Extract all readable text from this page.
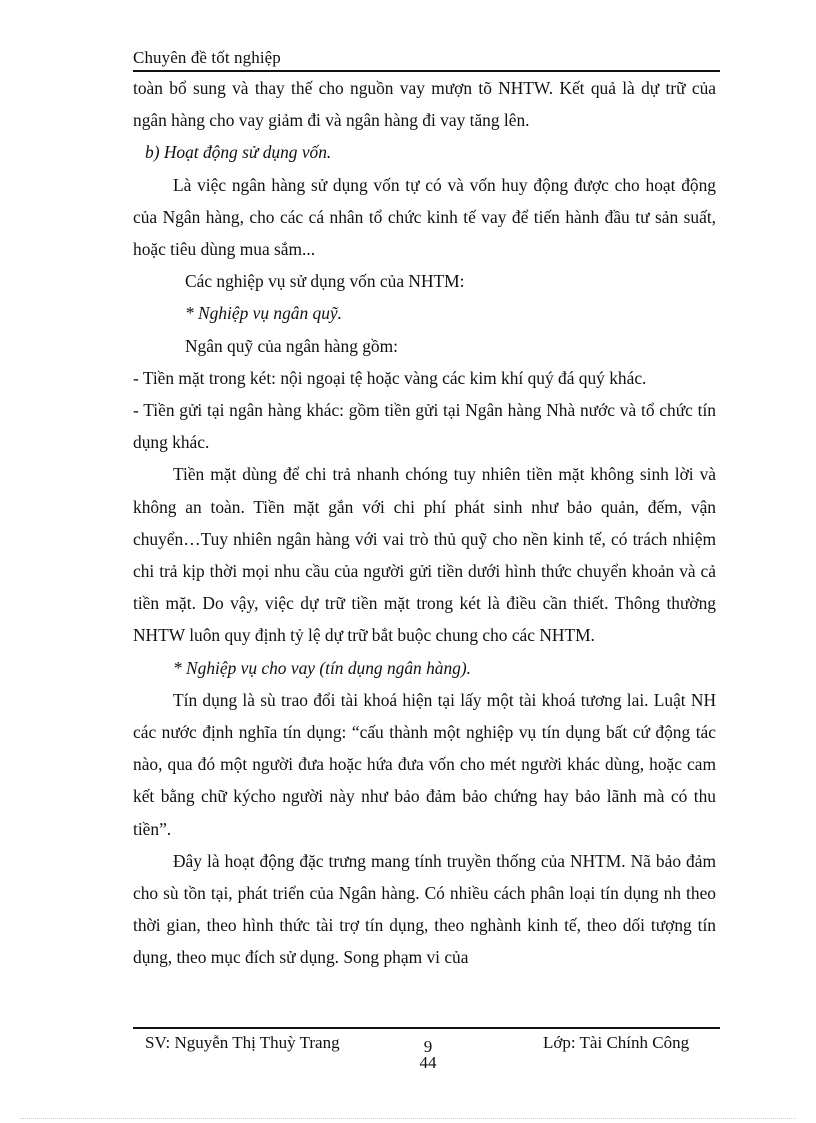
Chuyên đề tốt nghiệp

toàn bổ sung và thay thế cho nguồn vay mượn tõ NHTW. Kết quả là dự trữ của ngân hàng cho vay giảm đi và ngân hàng đi vay tăng lên.

b) Hoạt động sử dụng vốn.

Là việc ngân hàng sử dụng vốn tự có và vốn huy động được cho hoạt động của Ngân hàng, cho các cá nhân tổ chức kinh tế vay để tiến hành đầu tư sản suất, hoặc tiêu dùng mua sắm...

Các nghiệp vụ sử dụng vốn của NHTM:

* Nghiệp vụ ngân quỹ.

Ngân quỹ của ngân hàng gồm:

- Tiền mặt trong két: nội ngoại tệ hoặc vàng các kim khí quý đá quý khác.

- Tiền gửi tại ngân hàng khác: gồm tiền gửi tại Ngân hàng Nhà nước và tổ chức tín dụng khác.

Tiền mặt dùng để chi trả nhanh chóng tuy nhiên tiền mặt không sinh lời và không an toàn. Tiền mặt gắn với chi phí phát sinh như bảo quản, đếm, vận chuyển…Tuy nhiên ngân hàng với vai trò thủ quỹ cho nền kinh tế, có trách nhiệm chi trả kịp thời mọi nhu cầu của người gửi tiền dưới hình thức chuyển khoản và cả tiền mặt. Do vậy, việc dự trữ tiền mặt trong két là điều cần thiết. Thông thường NHTW luôn quy định tỷ lệ dự trữ bắt buộc chung cho các NHTM.

* Nghiệp vụ cho vay (tín dụng ngân hàng).

Tín dụng là sù trao đổi tài khoá hiện tại lấy một tài khoá tương lai. Luật NH các nước định nghĩa tín dụng: “cấu thành một nghiệp vụ tín dụng bất cứ động tác nào, qua đó một người đưa hoặc hứa đưa vốn cho mét người khác dùng, hoặc cam kết bằng chữ kýcho người này như bảo đảm bảo chứng hay bảo lãnh mà có thu tiền”.

Đây là hoạt động đặc trưng mang tính truyền thống của NHTM. Nã bảo đảm cho sù tồn tại, phát triển của Ngân hàng. Có nhiều cách phân loại tín dụng nh theo thời gian, theo hình thức tài trợ tín dụng, theo nghành kinh tế, theo dối tượng tín dụng, theo mục đích sử dụng. Song phạm vi của

SV: Nguyễn Thị Thuỳ Trang	9
44
Lớp: Tài Chính Công
